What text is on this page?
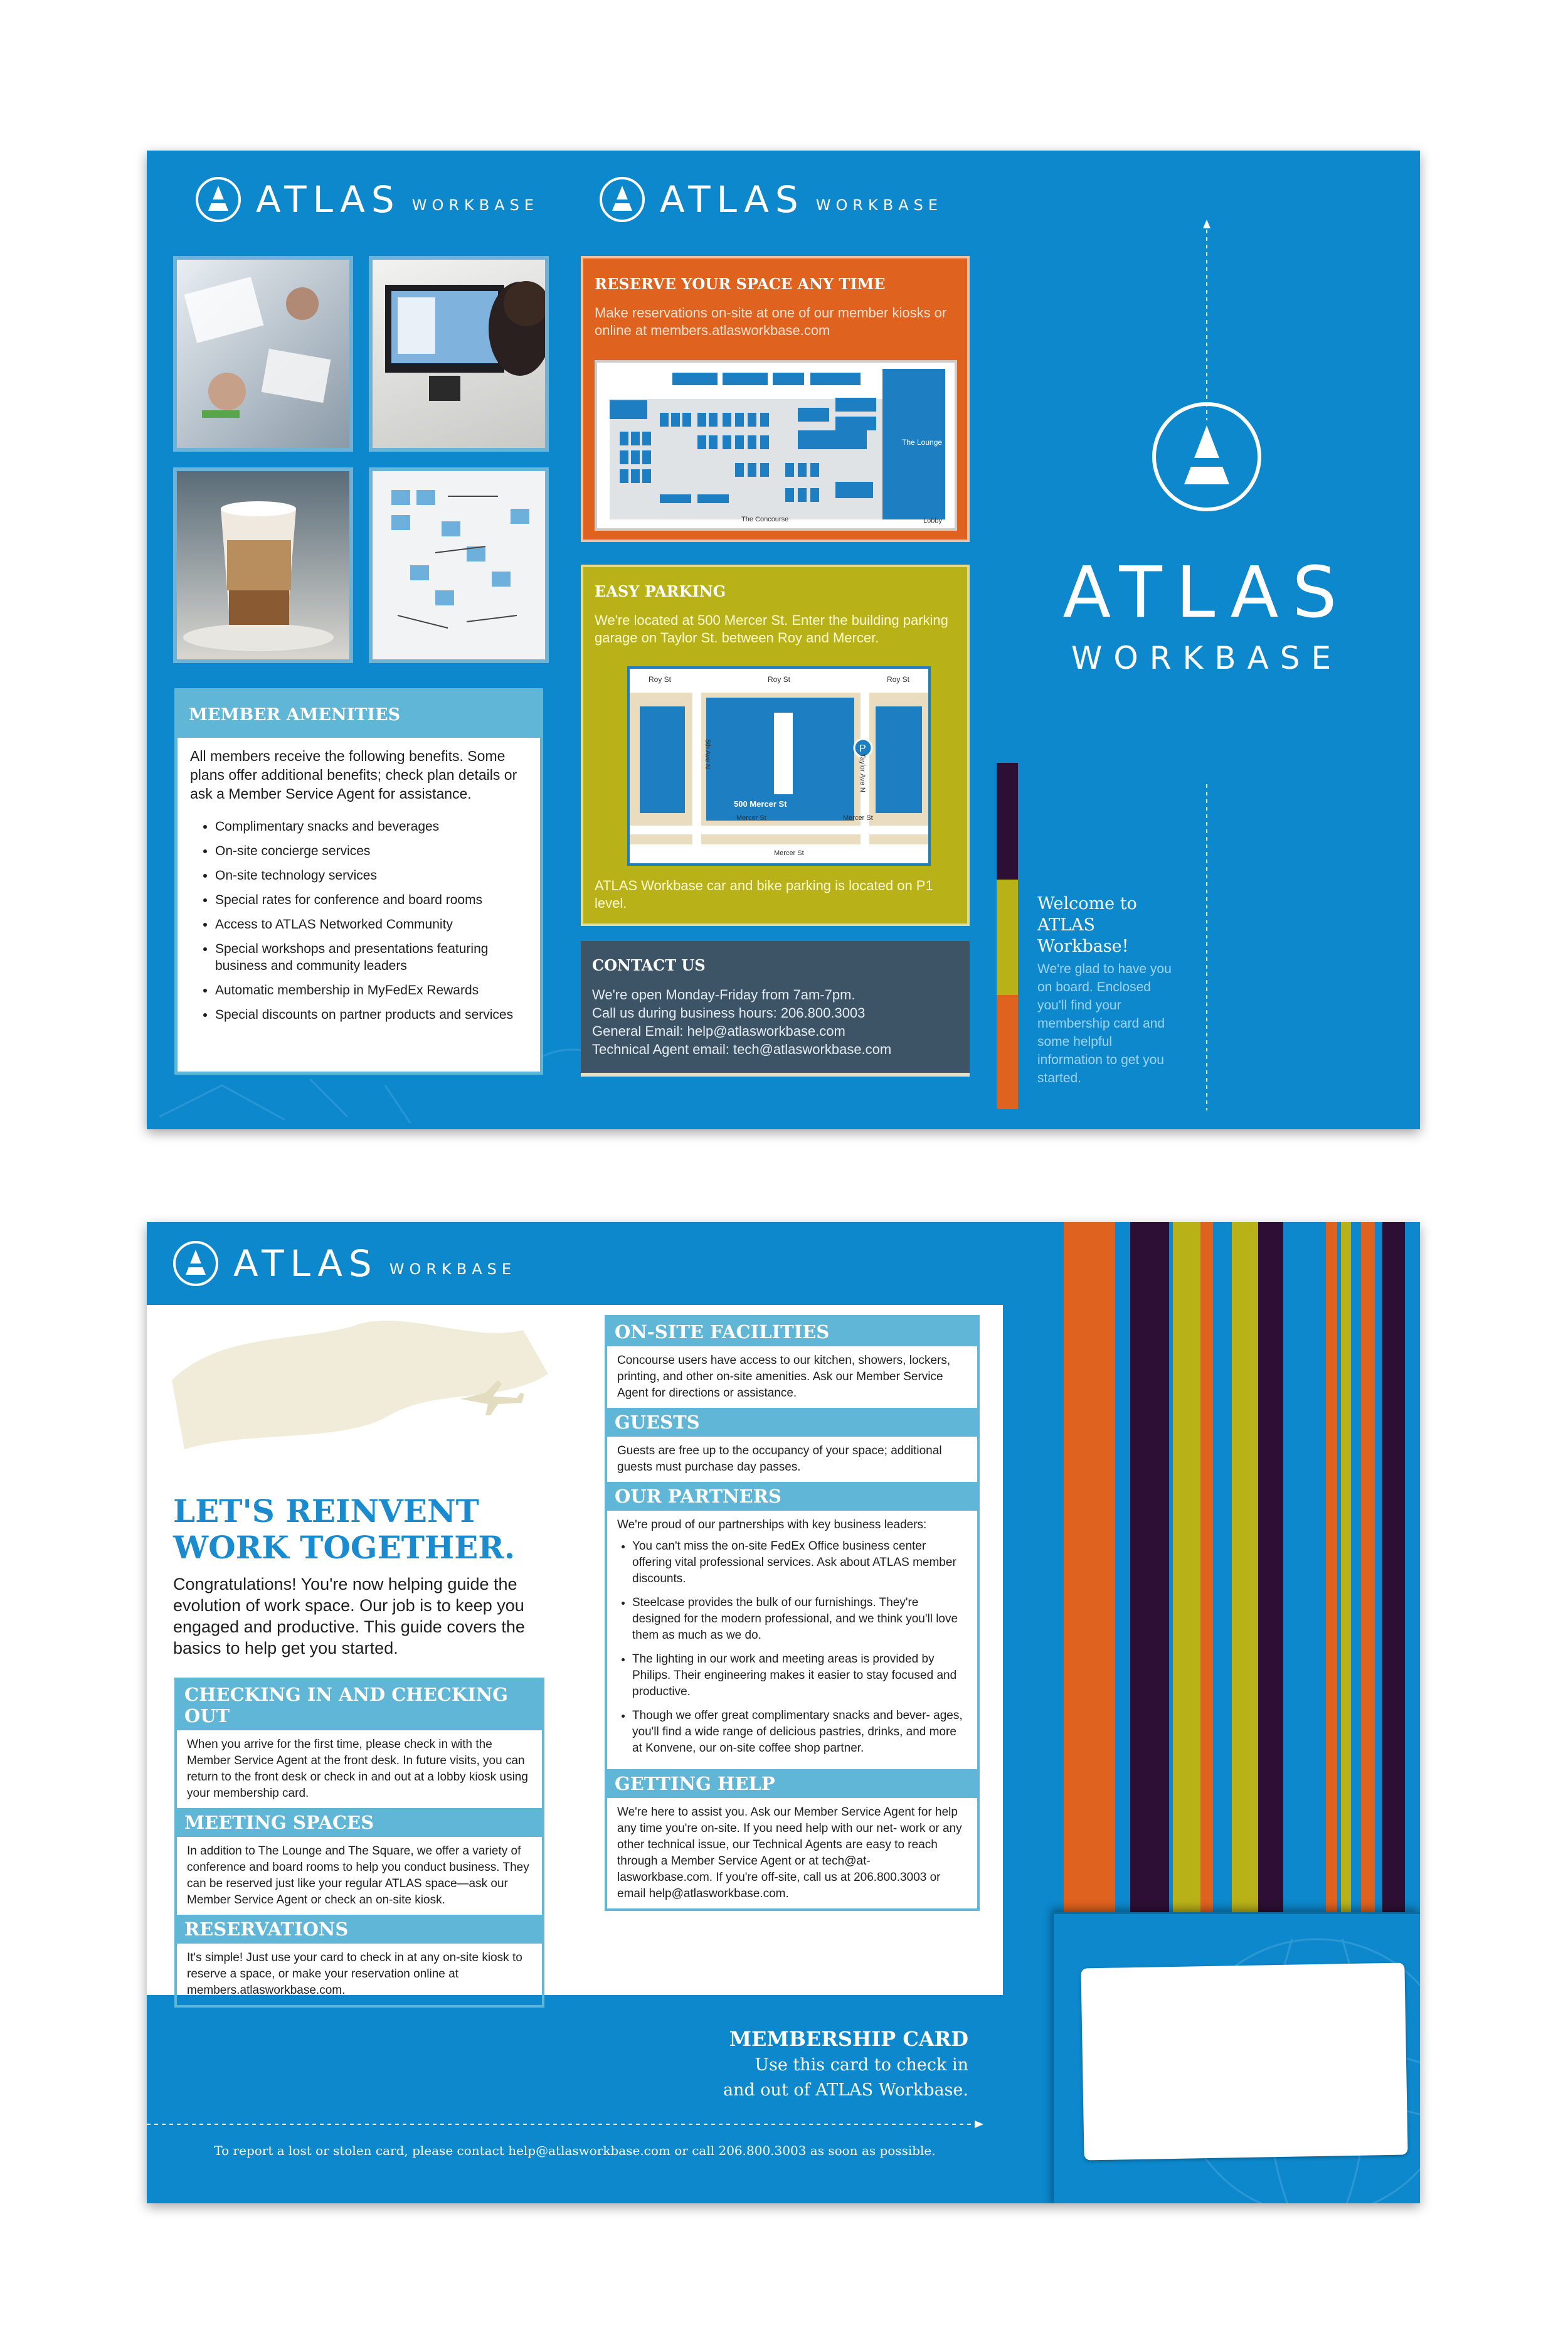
ATLAS WORKBASE	ATLAS WORKBASE
MEMBER AMENITIES
All members receive the following benefits. Some plans offer additional benefits; check plan details or ask a Member Service Agent for assistance.
• Complimentary snacks and beverages
• On-site concierge services
• On-site technology services
• Special rates for conference and board rooms
• Access to ATLAS Networked Community
• Special workshops and presentations featuring business and community leaders
• Automatic membership in MyFedEx Rewards
• Special discounts on partner products and services
RESERVE YOUR SPACE ANY TIME
Make reservations on-site at one of our member kiosks or online at members.atlasworkbase.com
The Lounge
The Concourse	Lobby
EASY PARKING
We're located at 500 Mercer St. Enter the building parking garage on Taylor St. between Roy and Mercer.
P
Roy St	Roy St	Roy St
5th Ave N	Taylor Ave N
Mercer St	Mercer St
Mercer St
500 Mercer St
ATLAS Workbase car and bike parking is located on P1 level.
CONTACT US
We're open Monday-Friday from 7am-7pm.
Call us during business hours: 206.800.3003
General Email: help@atlasworkbase.com
Technical Agent email: tech@atlasworkbase.com
ATLAS
WORKBASE
Welcome to ATLAS Workbase!
We're glad to have you on board. Enclosed you'll find your membership card and some helpful information to get you started.
ATLAS WORKBASE
LET'S REINVENT
WORK TOGETHER.
Congratulations! You're now helping guide the evolution of work space. Our job is to keep you engaged and productive. This guide covers the basics to help get you started.
CHECKING IN AND CHECKING OUT
When you arrive for the first time, please check in with the Member Service Agent at the front desk. In future visits, you can return to the front desk or check in and out at a lobby kiosk using your membership card.
MEETING SPACES
In addition to The Lounge and The Square, we offer a variety of conference and board rooms to help you conduct business. They can be reserved just like your regular ATLAS space—ask our Member Service Agent or check an on-site kiosk.
RESERVATIONS
It's simple! Just use your card to check in at any on-site kiosk to reserve a space, or make your reservation online at members.atlasworkbase.com.
ON-SITE FACILITIES
Concourse users have access to our kitchen, showers, lockers, printing, and other on-site amenities. Ask our Member Service Agent for directions or assistance.
GUESTS
Guests are free up to the occupancy of your space; additional guests must purchase day passes.
OUR PARTNERS
We're proud of our partnerships with key business leaders:
• You can't miss the on-site FedEx Office business center offering vital professional services. Ask about ATLAS member discounts.
• Steelcase provides the bulk of our furnishings. They're designed for the modern professional, and we think you'll love them as much as we do.
• The lighting in our work and meeting areas is provided by Philips. Their engineering makes it easier to stay focused and productive.
• Though we offer great complimentary snacks and bever- ages, you'll find a wide range of delicious pastries, drinks, and more at Konvene, our on-site coffee shop partner.
GETTING HELP
We're here to assist you. Ask our Member Service Agent for help any time you're on-site. If you need help with our net- work or any other technical issue, our Technical Agents are easy to reach through a Member Service Agent or at tech@at- lasworkbase.com. If you're off-site, call us at 206.800.3003 or email help@atlasworkbase.com.
MEMBERSHIP CARD
Use this card to check in
and out of ATLAS Workbase.
To report a lost or stolen card, please contact help@atlasworkbase.com or call 206.800.3003 as soon as possible.
